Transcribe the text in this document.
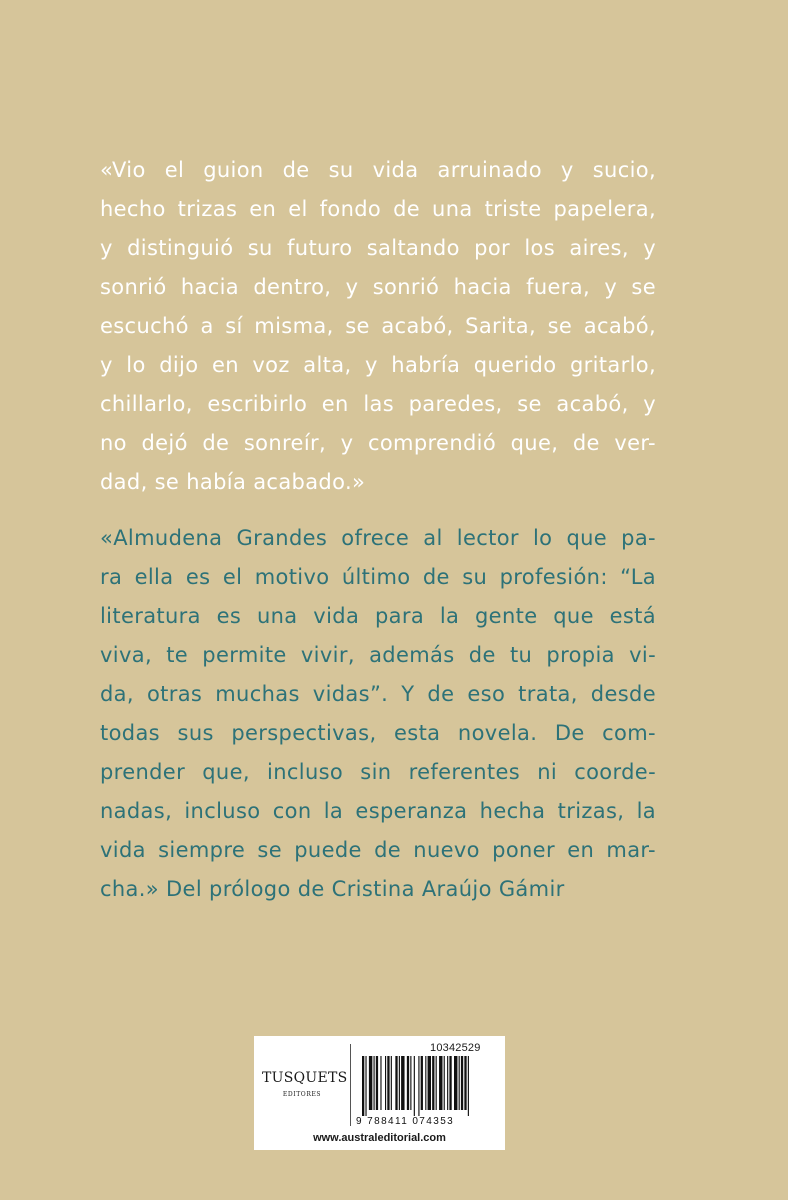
«Vio el guion de su vida arruinado y sucio,
hecho trizas en el fondo de una triste papelera,
y distinguió su futuro saltando por los aires, y
sonrió hacia dentro, y sonrió hacia fuera, y se
escuchó a sí misma, se acabó, Sarita, se acabó,
y lo dijo en voz alta, y habría querido gritarlo,
chillarlo, escribirlo en las paredes, se acabó, y
no dejó de sonreír, y comprendió que, de ver-
dad, se había acabado.»
«Almudena Grandes ofrece al lector lo que pa-
ra ella es el motivo último de su profesión: “La
literatura es una vida para la gente que está
viva, te permite vivir, además de tu propia vi-
da, otras muchas vidas”. Y de eso trata, desde
todas sus perspectivas, esta novela. De com-
prender que, incluso sin referentes ni coorde-
nadas, incluso con la esperanza hecha trizas, la
vida siempre se puede de nuevo poner en mar-
cha.» Del prólogo de Cristina Araújo Gámir
TUSQUETS
EDITORES
10342529
9 788411 074353
www.australeditorial.com
